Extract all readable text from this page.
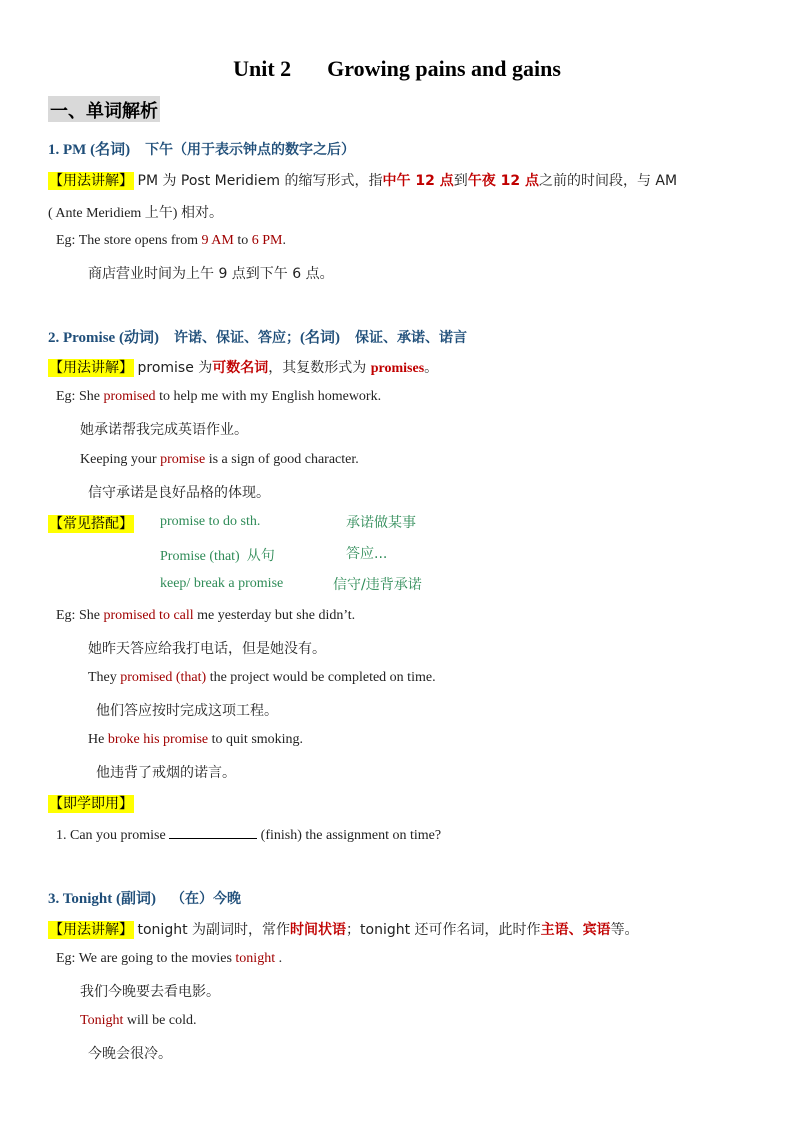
Unit 2 Growing pains and gains
一、单词解析
1. PM (名词) 下午（用于表示钟点的数字之后）
【用法讲解】 PM 为 Post Meridiem 的缩写形式，指中午 12 点到午夜 12 点之前的时间段，与 AM
( Ante Meridiem 上午) 相对。
Eg: The store opens from 9 AM to 6 PM.
商店营业时间为上午 9 点到下午 6 点。
2. Promise (动词) 许诺、保证、答应；(名词) 保证、承诺、诺言
【用法讲解】 promise 为可数名词，其复数形式为 promises。
Eg: She promised to help me with my English homework.
她承诺帮我完成英语作业。
Keeping your promise is a sign of good character.
信守承诺是良好品格的体现。
【常见搭配】 promise to do sth.	承诺做某事
Promise (that) 从句	答应...
keep/ break a promise	信守/违背承诺
Eg: She promised to call me yesterday but she didn’t.
她昨天答应给我打电话，但是她没有。
They promised (that) the project would be completed on time.
他们答应按时完成这项工程。
He broke his promise to quit smoking.
他违背了戒烟的诺言。
【即学即用】
1. Can you promise	(finish) the assignment on time?
3. Tonight (副词) （在）今晚
【用法讲解】 tonight 为副词时，常作时间状语；tonight 还可作名词，此时作主语、宾语等。
Eg: We are going to the movies tonight .
我们今晚要去看电影。
Tonight will be cold.
今晚会很冷。
